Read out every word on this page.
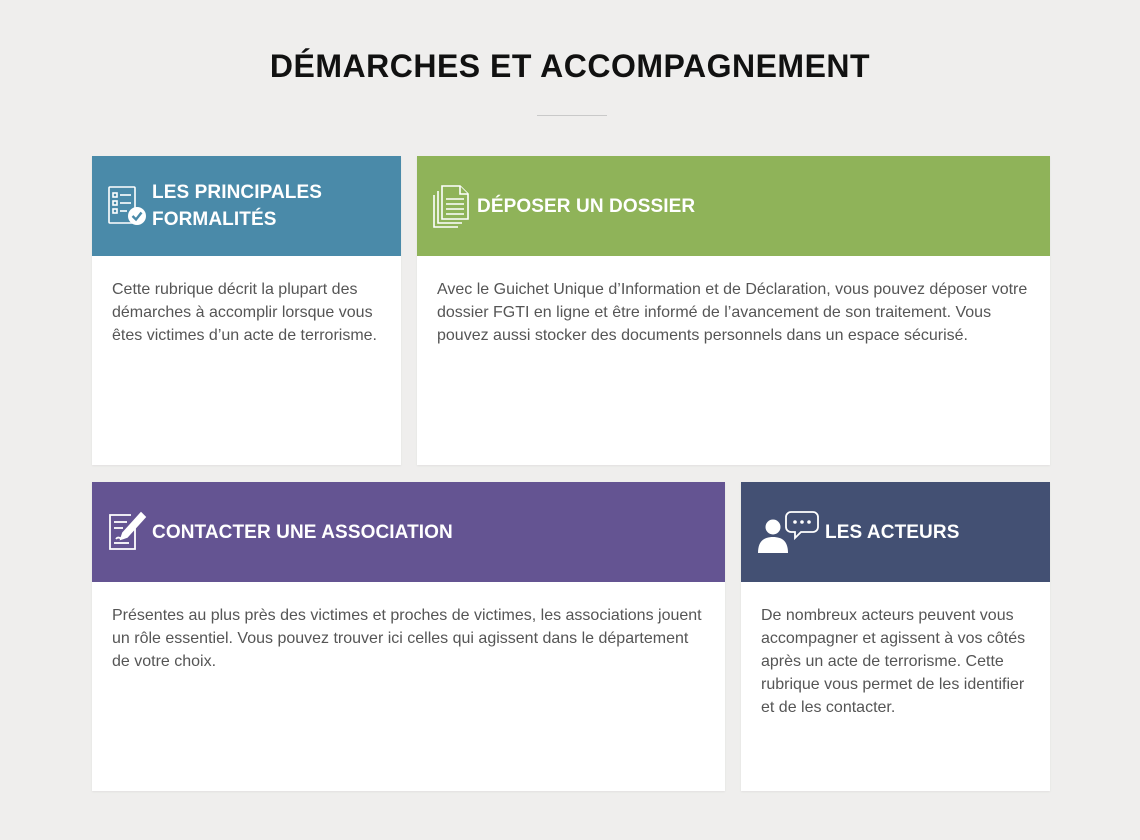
DÉMARCHES ET ACCOMPAGNEMENT
LES PRINCIPALES
FORMALITÉS

Cette rubrique décrit la plupart des démarches à accomplir lorsque vous êtes victimes d’un acte de terrorisme.

DÉPOSER UN DOSSIER

Avec le Guichet Unique d’Information et de Déclaration, vous pouvez déposer votre dossier FGTI en ligne et être informé de l’avancement de son traitement. Vous pouvez aussi stocker des documents personnels dans un espace sécurisé.

CONTACTER UNE ASSOCIATION

Présentes au plus près des victimes et proches de victimes, les associations jouent un rôle essentiel. Vous pouvez trouver ici celles qui agissent dans le département de votre choix.

LES ACTEURS

De nombreux acteurs peuvent vous accompagner et agissent à vos côtés après un acte de terrorisme. Cette rubrique vous permet de les identifier et de les contacter.
